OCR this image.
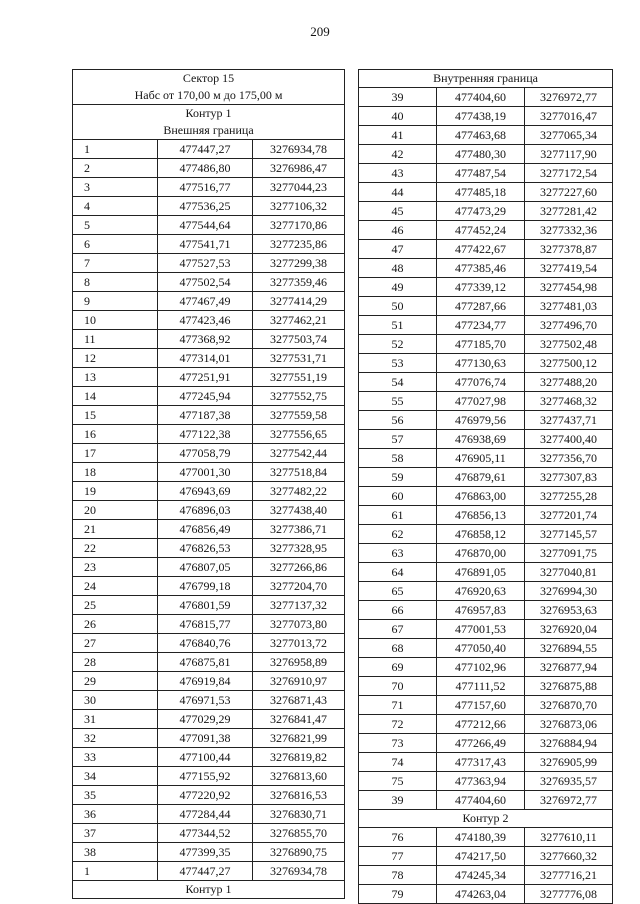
209
Сектор 15
Набс от 170,00 м до 175,00 м		

Контур 1
Внешняя граница		

1	477447,27	3276934,78
2	477486,80	3276986,47
3	477516,77	3277044,23
4	477536,25	3277106,32
5	477544,64	3277170,86
6	477541,71	3277235,86
7	477527,53	3277299,38
8	477502,54	3277359,46
9	477467,49	3277414,29
10	477423,46	3277462,21
11	477368,92	3277503,74
12	477314,01	3277531,71
13	477251,91	3277551,19
14	477245,94	3277552,75
15	477187,38	3277559,58
16	477122,38	3277556,65
17	477058,79	3277542,44
18	477001,30	3277518,84
19	476943,69	3277482,22
20	476896,03	3277438,40
21	476856,49	3277386,71
22	476826,53	3277328,95
23	476807,05	3277266,86
24	476799,18	3277204,70
25	476801,59	3277137,32
26	476815,77	3277073,80
27	476840,76	3277013,72
28	476875,81	3276958,89
29	476919,84	3276910,97
30	476971,53	3276871,43
31	477029,29	3276841,47
32	477091,38	3276821,99
33	477100,44	3276819,82
34	477155,92	3276813,60
35	477220,92	3276816,53
36	477284,44	3276830,71
37	477344,52	3276855,70
38	477399,35	3276890,75
1	477447,27	3276934,78
Контур 1		
Внутренняя граница		
39	477404,60	3276972,77
40	477438,19	3277016,47
41	477463,68	3277065,34
42	477480,30	3277117,90
43	477487,54	3277172,54
44	477485,18	3277227,60
45	477473,29	3277281,42
46	477452,24	3277332,36
47	477422,67	3277378,87
48	477385,46	3277419,54
49	477339,12	3277454,98
50	477287,66	3277481,03
51	477234,77	3277496,70
52	477185,70	3277502,48
53	477130,63	3277500,12
54	477076,74	3277488,20
55	477027,98	3277468,32
56	476979,56	3277437,71
57	476938,69	3277400,40
58	476905,11	3277356,70
59	476879,61	3277307,83
60	476863,00	3277255,28
61	476856,13	3277201,74
62	476858,12	3277145,57
63	476870,00	3277091,75
64	476891,05	3277040,81
65	476920,63	3276994,30
66	476957,83	3276953,63
67	477001,53	3276920,04
68	477050,40	3276894,55
69	477102,96	3276877,94
70	477111,52	3276875,88
71	477157,60	3276870,70
72	477212,66	3276873,06
73	477266,49	3276884,94
74	477317,43	3276905,99
75	477363,94	3276935,57
39	477404,60	3276972,77
Контур 2		
76	474180,39	3277610,11
77	474217,50	3277660,32
78	474245,34	3277716,21
79	474263,04	3277776,08
